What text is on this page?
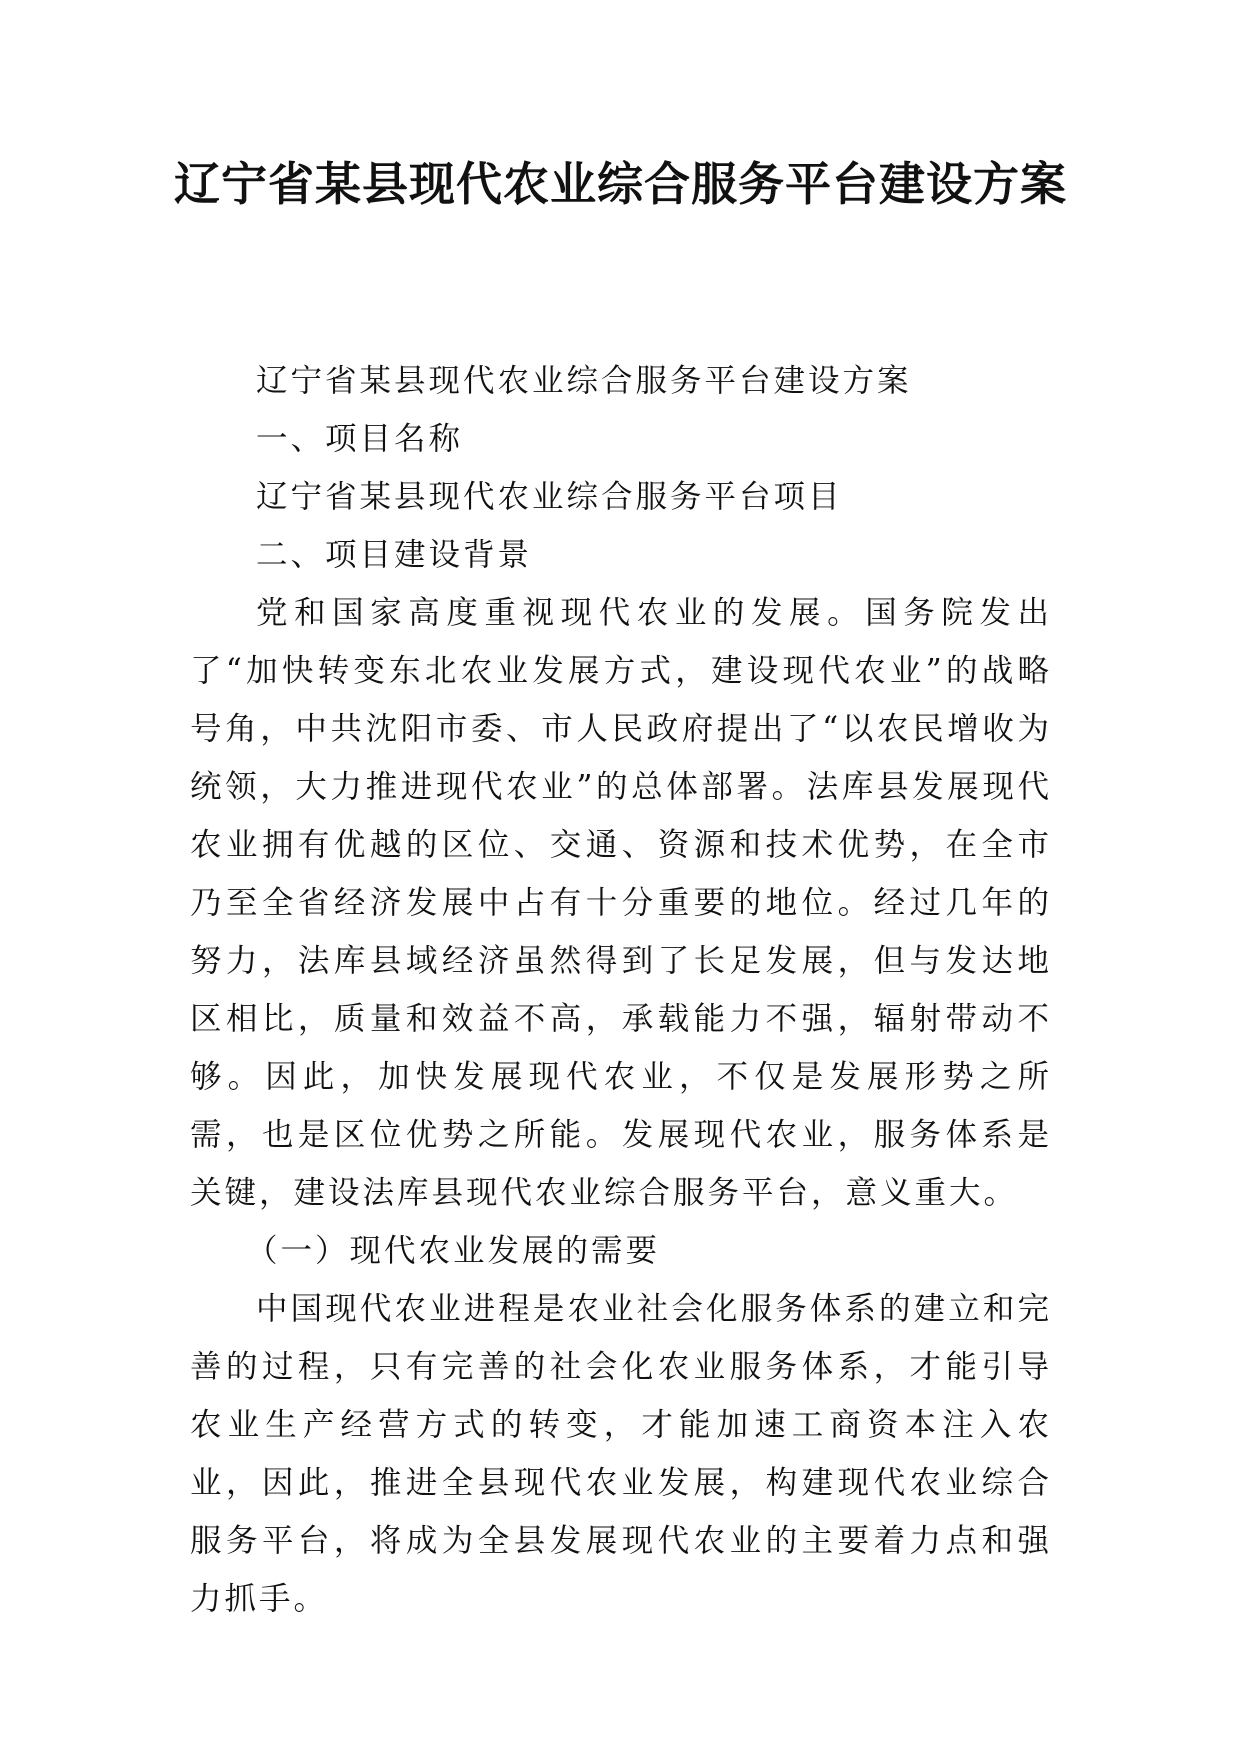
辽宁省某县现代农业综合服务平台建设方案

辽宁省某县现代农业综合服务平台建设方案

一、项目名称

辽宁省某县现代农业综合服务平台项目

二、项目建设背景

党和国家高度重视现代农业的发展。国务院发出了“加快转变东北农业发展方式，建设现代农业”的战略号角，中共沈阳市委、市人民政府提出了“以农民增收为统领，大力推进现代农业”的总体部署。法库县发展现代农业拥有优越的区位、交通、资源和技术优势，在全市乃至全省经济发展中占有十分重要的地位。经过几年的努力，法库县域经济虽然得到了长足发展，但与发达地区相比，质量和效益不高，承载能力不强，辐射带动不够。因此，加快发展现代农业，不仅是发展形势之所需，也是区位优势之所能。发展现代农业，服务体系是关键，建设法库县现代农业综合服务平台，意义重大。

（一）现代农业发展的需要

中国现代农业进程是农业社会化服务体系的建立和完善的过程，只有完善的社会化农业服务体系，才能引导农业生产经营方式的转变，才能加速工商资本注入农业，因此，推进全县现代农业发展，构建现代农业综合服务平台，将成为全县发展现代农业的主要着力点和强力抓手。
